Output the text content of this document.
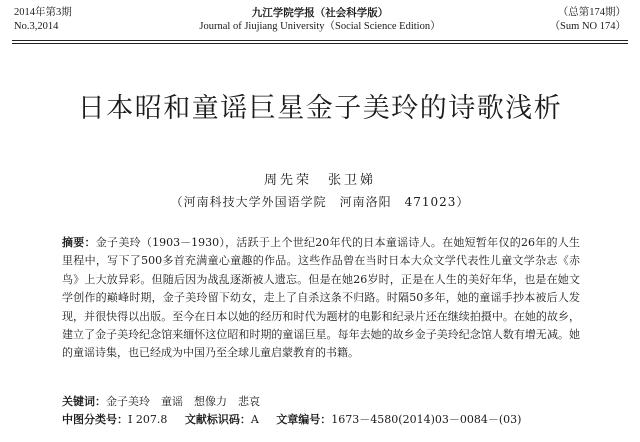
2014年第3期
No.3,2014
九江学院学报（社会科学版）
Journal of Jiujiang University（Social Science Edition）
（总第174期）
（Sum NO 174）
日本昭和童谣巨星金子美玲的诗歌浅析
周先荣　张卫娣
（河南科技大学外国语学院　河南洛阳　471023）
摘要：金子美玲（1903－1930），活跃于上个世纪20年代的日本童谣诗人。在她短暂年仅的26年的人生里程中，写下了500多首充满童心童趣的作品。这些作品曾在当时日本大众文学代表性儿童文学杂志《赤鸟》上大放异彩。但随后因为战乱逐渐被人遗忘。但是在她26岁时，正是在人生的美好年华，也是在她文学创作的巅峰时期，金子美玲留下幼女，走上了自杀这条不归路。时隔50多年，她的童谣手抄本被后人发现，并很快得以出版。至今在日本以她的经历和时代为题材的电影和纪录片还在继续拍摄中。在她的故乡，建立了金子美玲纪念馆来缅怀这位昭和时期的童谣巨星。每年去她的故乡金子美玲纪念馆人数有增无减。她的童谣诗集，也已经成为中国乃至全球儿童启蒙教育的书籍。
关键词：金子美玲　童谣　想像力　悲哀
中图分类号：I 207.8 文献标识码：A 文章编号：1673－4580(2014)03－0084－(03)
